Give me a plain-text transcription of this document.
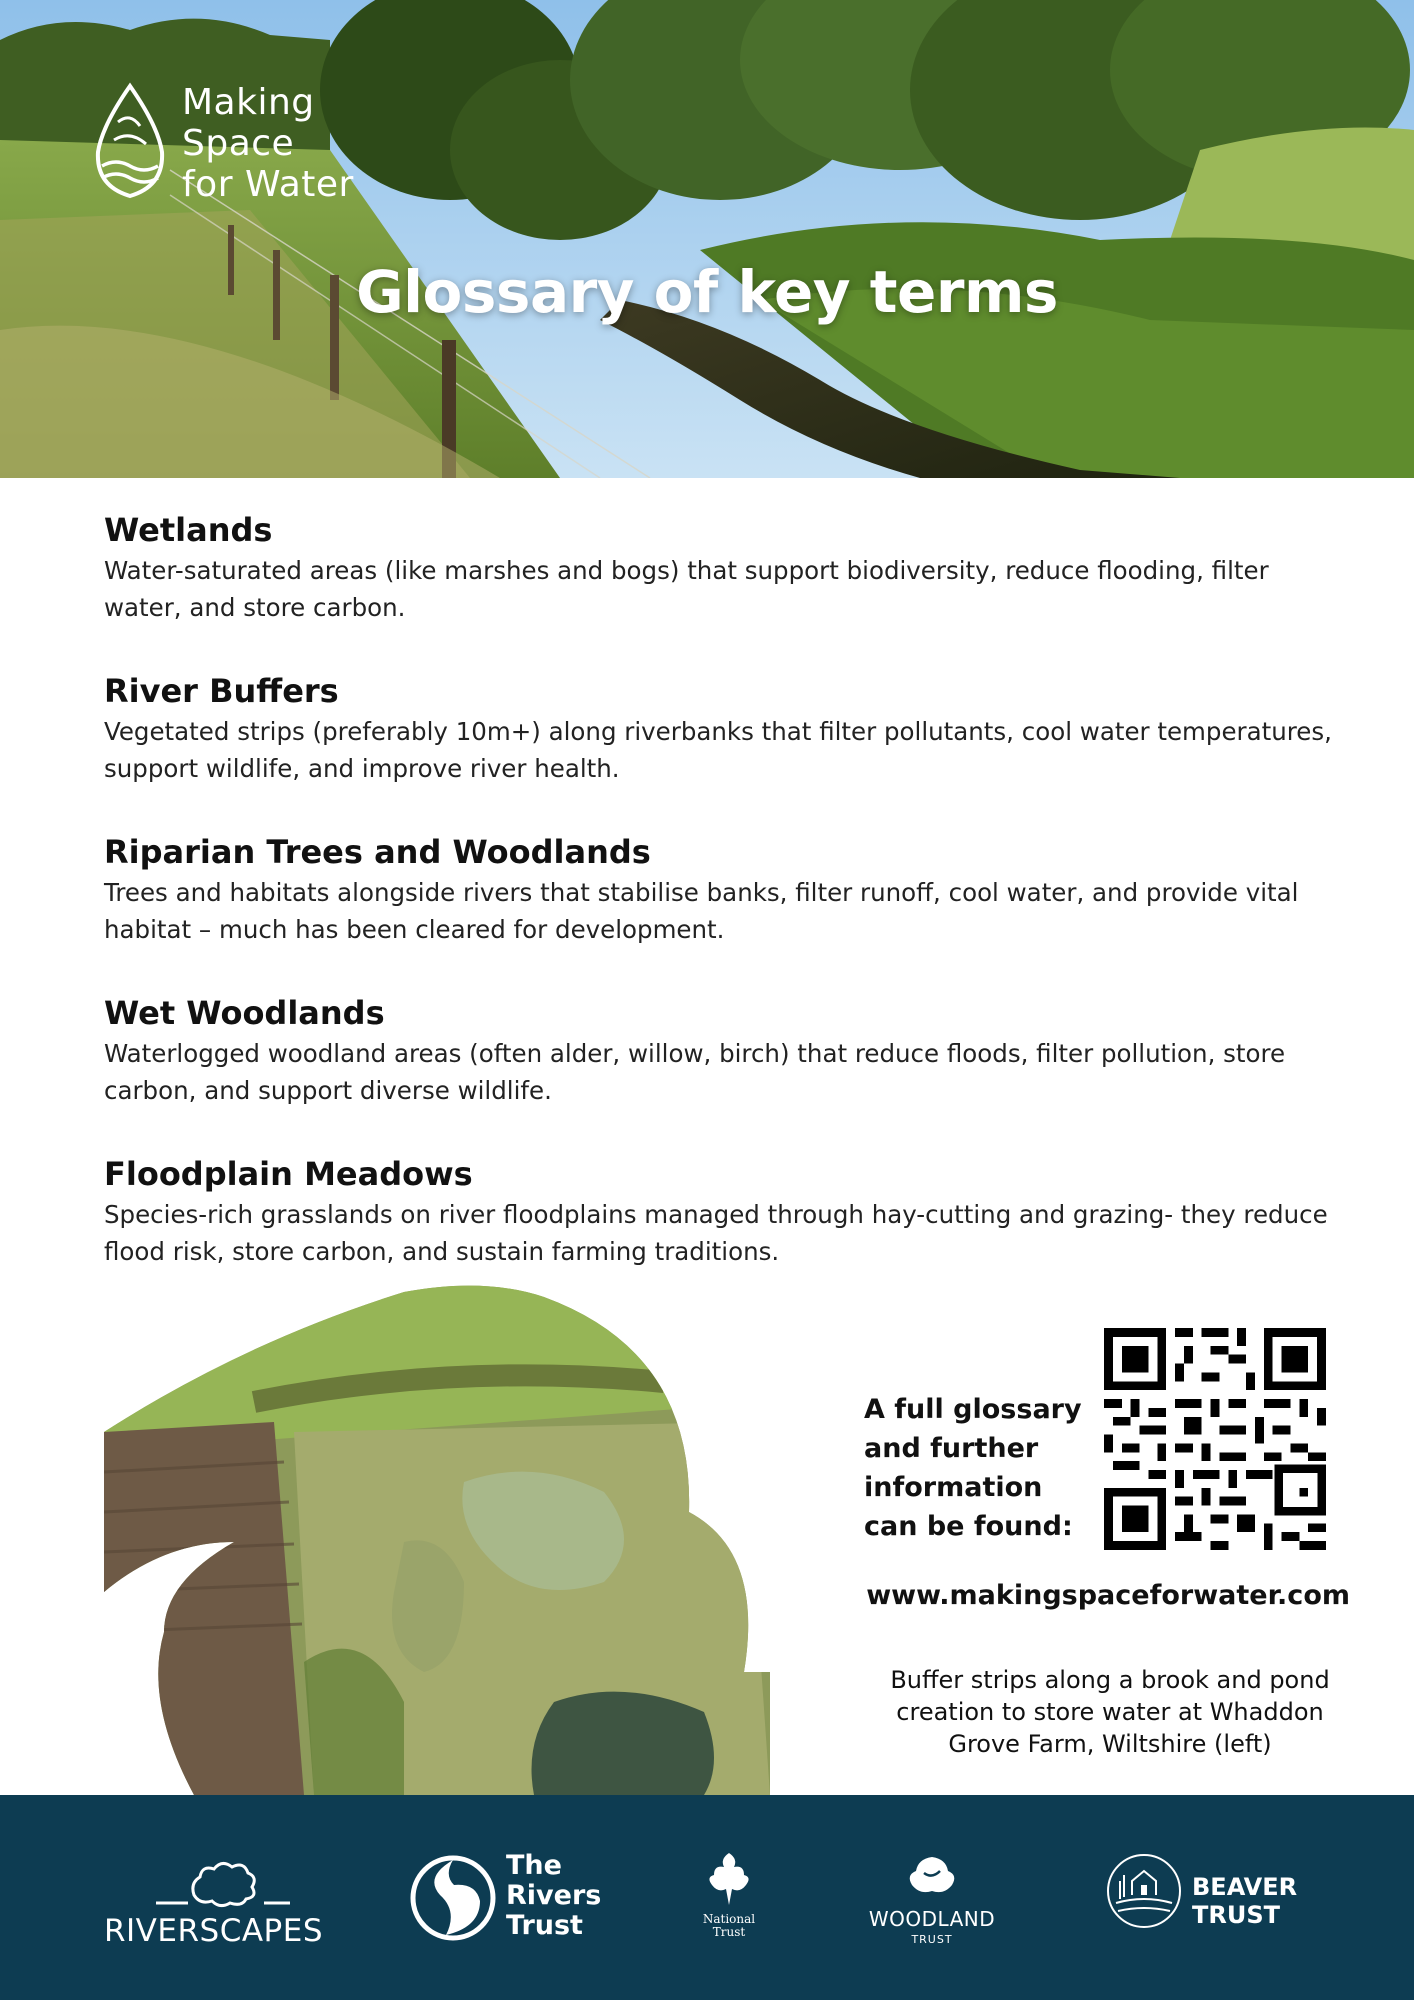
Making
Space
for Water
Glossary of key terms
Wetlands
Water-saturated areas (like marshes and bogs) that support biodiversity, reduce flooding, filter water, and store carbon.
River Buffers
Vegetated strips (preferably 10m+) along riverbanks that filter pollutants, cool water temperatures, support wildlife, and improve river health.
Riparian Trees and Woodlands
Trees and habitats alongside rivers that stabilise banks, filter runoff, cool water, and provide vital habitat – much has been cleared for development.
Wet Woodlands
Waterlogged woodland areas (often alder, willow, birch) that reduce floods, filter pollution, store carbon, and support diverse wildlife.
Floodplain Meadows
Species-rich grasslands on river floodplains managed through hay-cutting and grazing- they reduce flood risk, store carbon, and sustain farming traditions.
A full glossary
and further
information
can be found:
www.makingspaceforwater.com
Buffer strips along a brook and pond
creation to store water at Whaddon
Grove Farm, Wiltshire (left)
RIVERSCAPES
The
Rivers
Trust	National
Trust
WOODLAND
TRUST
BEAVER
TRUST
